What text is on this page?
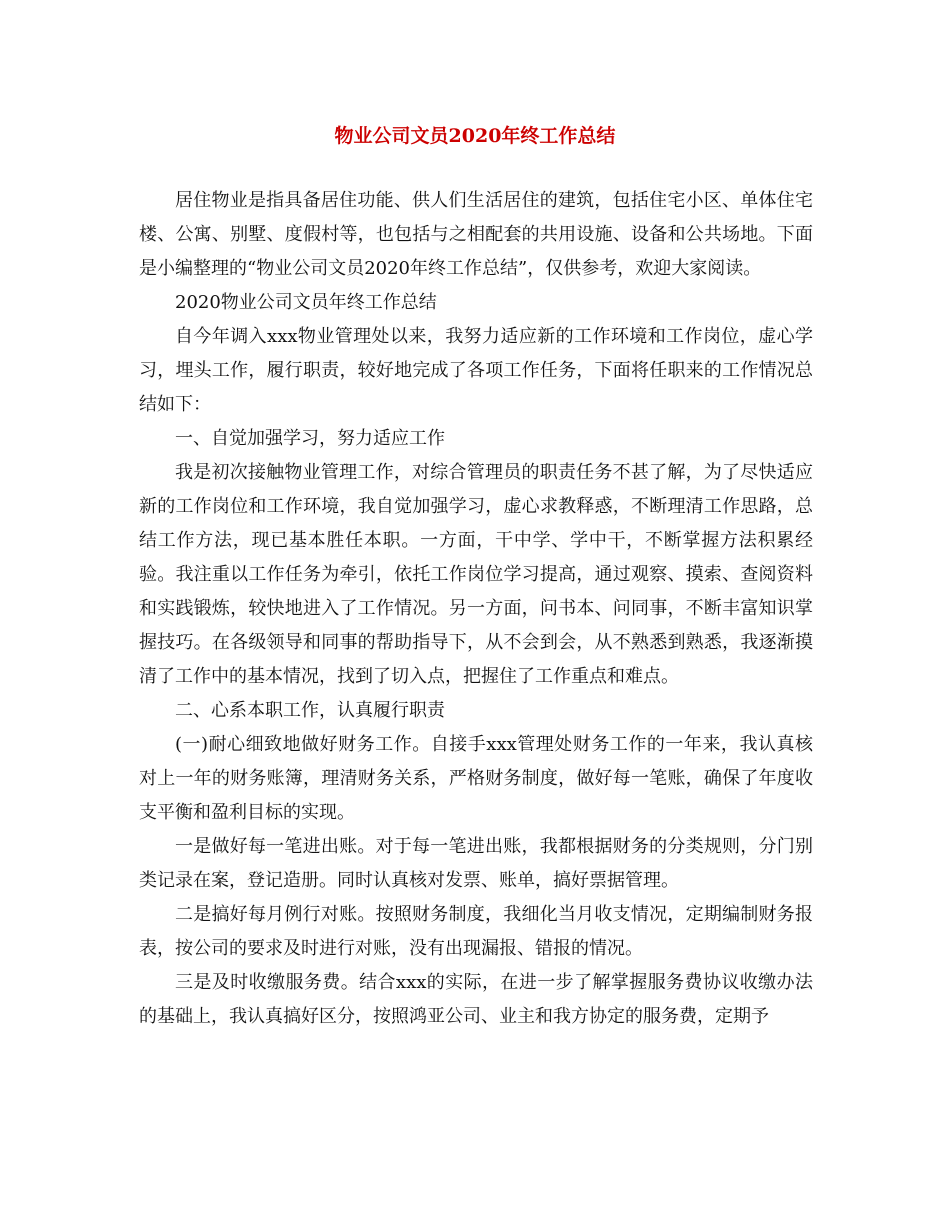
物业公司文员2020年终工作总结

居住物业是指具备居住功能、供人们生活居住的建筑，包括住宅小区、单体住宅楼、公寓、别墅、度假村等，也包括与之相配套的共用设施、设备和公共场地。下面是小编整理的“物业公司文员2020年终工作总结”，仅供参考，欢迎大家阅读。

2020物业公司文员年终工作总结

自今年调入xxx物业管理处以来，我努力适应新的工作环境和工作岗位，虚心学习，埋头工作，履行职责，较好地完成了各项工作任务，下面将任职来的工作情况总结如下：

一、自觉加强学习，努力适应工作

我是初次接触物业管理工作，对综合管理员的职责任务不甚了解，为了尽快适应新的工作岗位和工作环境，我自觉加强学习，虚心求教释惑，不断理清工作思路，总结工作方法，现已基本胜任本职。一方面，干中学、学中干，不断掌握方法积累经验。我注重以工作任务为牵引，依托工作岗位学习提高，通过观察、摸索、查阅资料和实践锻炼，较快地进入了工作情况。另一方面，问书本、问同事，不断丰富知识掌握技巧。在各级领导和同事的帮助指导下，从不会到会，从不熟悉到熟悉，我逐渐摸清了工作中的基本情况，找到了切入点，把握住了工作重点和难点。

二、心系本职工作，认真履行职责

(一)耐心细致地做好财务工作。自接手xxx管理处财务工作的一年来，我认真核对上一年的财务账簿，理清财务关系，严格财务制度，做好每一笔账，确保了年度收支平衡和盈利目标的实现。

一是做好每一笔进出账。对于每一笔进出账，我都根据财务的分类规则，分门别类记录在案，登记造册。同时认真核对发票、账单，搞好票据管理。

二是搞好每月例行对账。按照财务制度，我细化当月收支情况，定期编制财务报表，按公司的要求及时进行对账，没有出现漏报、错报的情况。

三是及时收缴服务费。结合xxx的实际，在进一步了解掌握服务费协议收缴办法的基础上，我认真搞好区分，按照鸿亚公司、业主和我方协定的服务费，定期予
